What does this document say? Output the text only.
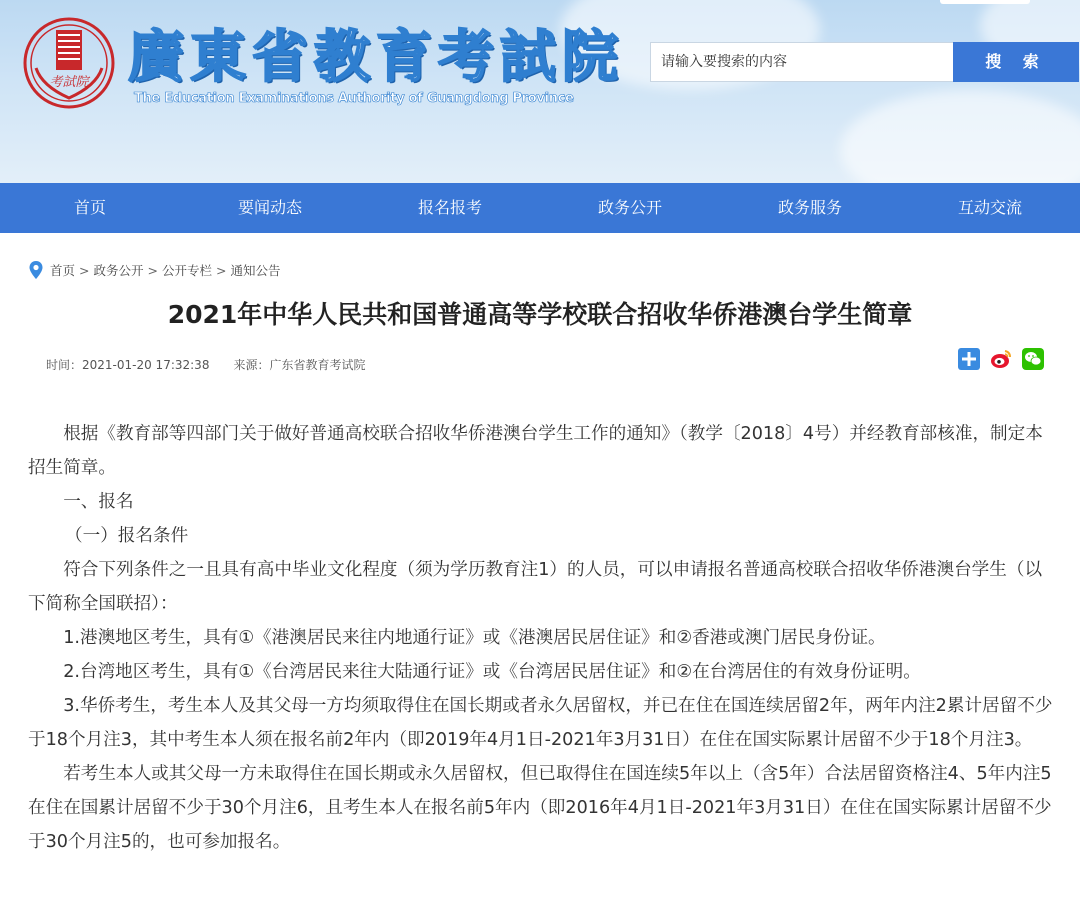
考試院 廣東省教育考試院
The Education Examinations Authority of Guangdong Province
请输入要搜索的内容	搜 索
首页	要闻动态	报名报考	政务公开	政务服务	互动交流
首页 > 政务公开 > 公开专栏 > 通知公告
2021年中华人民共和国普通高等学校联合招收华侨港澳台学生简章
时间：2021-01-20 17:32:38 来源：广东省教育考试院

根据《教育部等四部门关于做好普通高校联合招收华侨港澳台学生工作的通知》（教学〔2018〕4号）并经教育部核准，制定本招生简章。

一、报名

（一）报名条件

符合下列条件之一且具有高中毕业文化程度（须为学历教育注1）的人员，可以申请报名普通高校联合招收华侨港澳台学生（以下简称全国联招）：

1.港澳地区考生，具有①《港澳居民来往内地通行证》或《港澳居民居住证》和②香港或澳门居民身份证。

2.台湾地区考生，具有①《台湾居民来往大陆通行证》或《台湾居民居住证》和②在台湾居住的有效身份证明。

3.华侨考生，考生本人及其父母一方均须取得住在国长期或者永久居留权，并已在住在国连续居留2年，两年内注2累计居留不少于18个月注3，其中考生本人须在报名前2年内（即2019年4月1日-2021年3月31日）在住在国实际累计居留不少于18个月注3。

若考生本人或其父母一方未取得住在国长期或永久居留权，但已取得住在国连续5年以上（含5年）合法居留资格注4、5年内注5在住在国累计居留不少于30个月注6，且考生本人在报名前5年内（即2016年4月1日-2021年3月31日）在住在国实际累计居留不少于30个月注5的，也可参加报名。
